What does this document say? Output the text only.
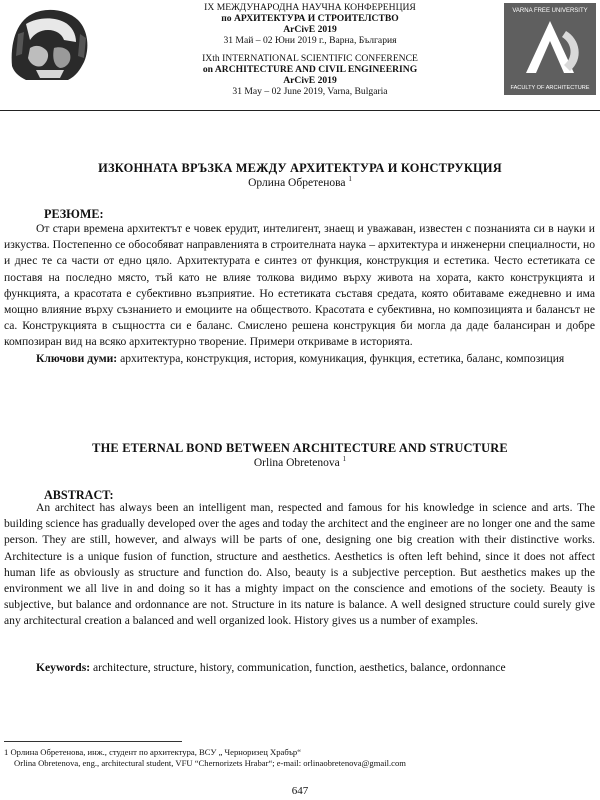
IX МЕЖДУНАРОДНА НАУЧНА КОНФЕРЕНЦИЯ
по АРХИТЕКТУРА И СТРОИТЕЛСТВО
ArCivE 2019
31 Май – 02 Юни 2019 г., Варна, България
IXth INTERNATIONAL SCIENTIFIC CONFERENCE
on ARCHITECTURE AND CIVIL ENGINEERING
ArCivE 2019
31 May – 02 June 2019, Varna, Bulgaria
VARNA FREE UNIVERSITY
FACULTY OF ARCHITECTURE
ИЗКОННАТА ВРЪЗКА МЕЖДУ АРХИТЕКТУРА И КОНСТРУКЦИЯ
Орлина Обретенова $^1$
РЕЗЮМЕ:
От стари времена архитектът е човек ерудит, интелигент, знаещ и уважаван, известен с познанията си в науки и изкуства. Постепенно се обособяват направленията в строителната наука – архитектура и инженерни специалности, но и днес те са части от едно цяло. Архитектурата е синтез от функция, конструкция и естетика. Често естетиката се поставя на последно място, тъй като не влияе толкова видимо върху живота на хората, както конструкцията и функцията, а красотата е субективно възприятие. Но естетиката съставя средата, която обитаваме ежедневно и има мощно влияние върху съзнанието и емоциите на обществото. Красотата е субективна, но композицията и балансът не са. Конструкцията в същността си е баланс. Смислено решена конструкция би могла да даде балансиран и добре композиран вид на всяко архитектурно творение. Примери откриваме в историята.
Ключови думи: архитектура, конструкция, история, комуникация, функция, естетика, баланс, композиция
THE ETERNAL BOND BETWEEN ARCHITECTURE AND STRUCTURE
Orlina Obretenova $^1$
ABSTRACT:
An architect has always been an intelligent man, respected and famous for his knowledge in science and arts. The building science has gradually developed over the ages and today the architect and the engineer are no longer one and the same person. They are still, however, and always will be parts of one, designing one big creation with their distinctive works. Architecture is a unique fusion of function, structure and aesthetics. Aesthetics is often left behind, since it does not affect human life as obviously as structure and function do. Also, beauty is a subjective perception. But aesthetics makes up the environment we all live in and doing so it has a mighty impact on the conscience and emotions of the society. Beauty is subjective, but balance and ordonnance are not. Structure in its nature is balance. A well designed structure could surely give any architectural creation a balanced and well organized look. History gives us a number of examples.
Keywords: architecture, structure, history, communication, function, aesthetics, balance, ordonnance
1 Орлина Обретенова, инж., студент по архитектура, ВСУ „ Черноризец Храбър“
Orlina Obretenova, eng., architectural student, VFU “Chernorizets Hrabar“; e-mail: orlinaobretenova@gmail.com
647
